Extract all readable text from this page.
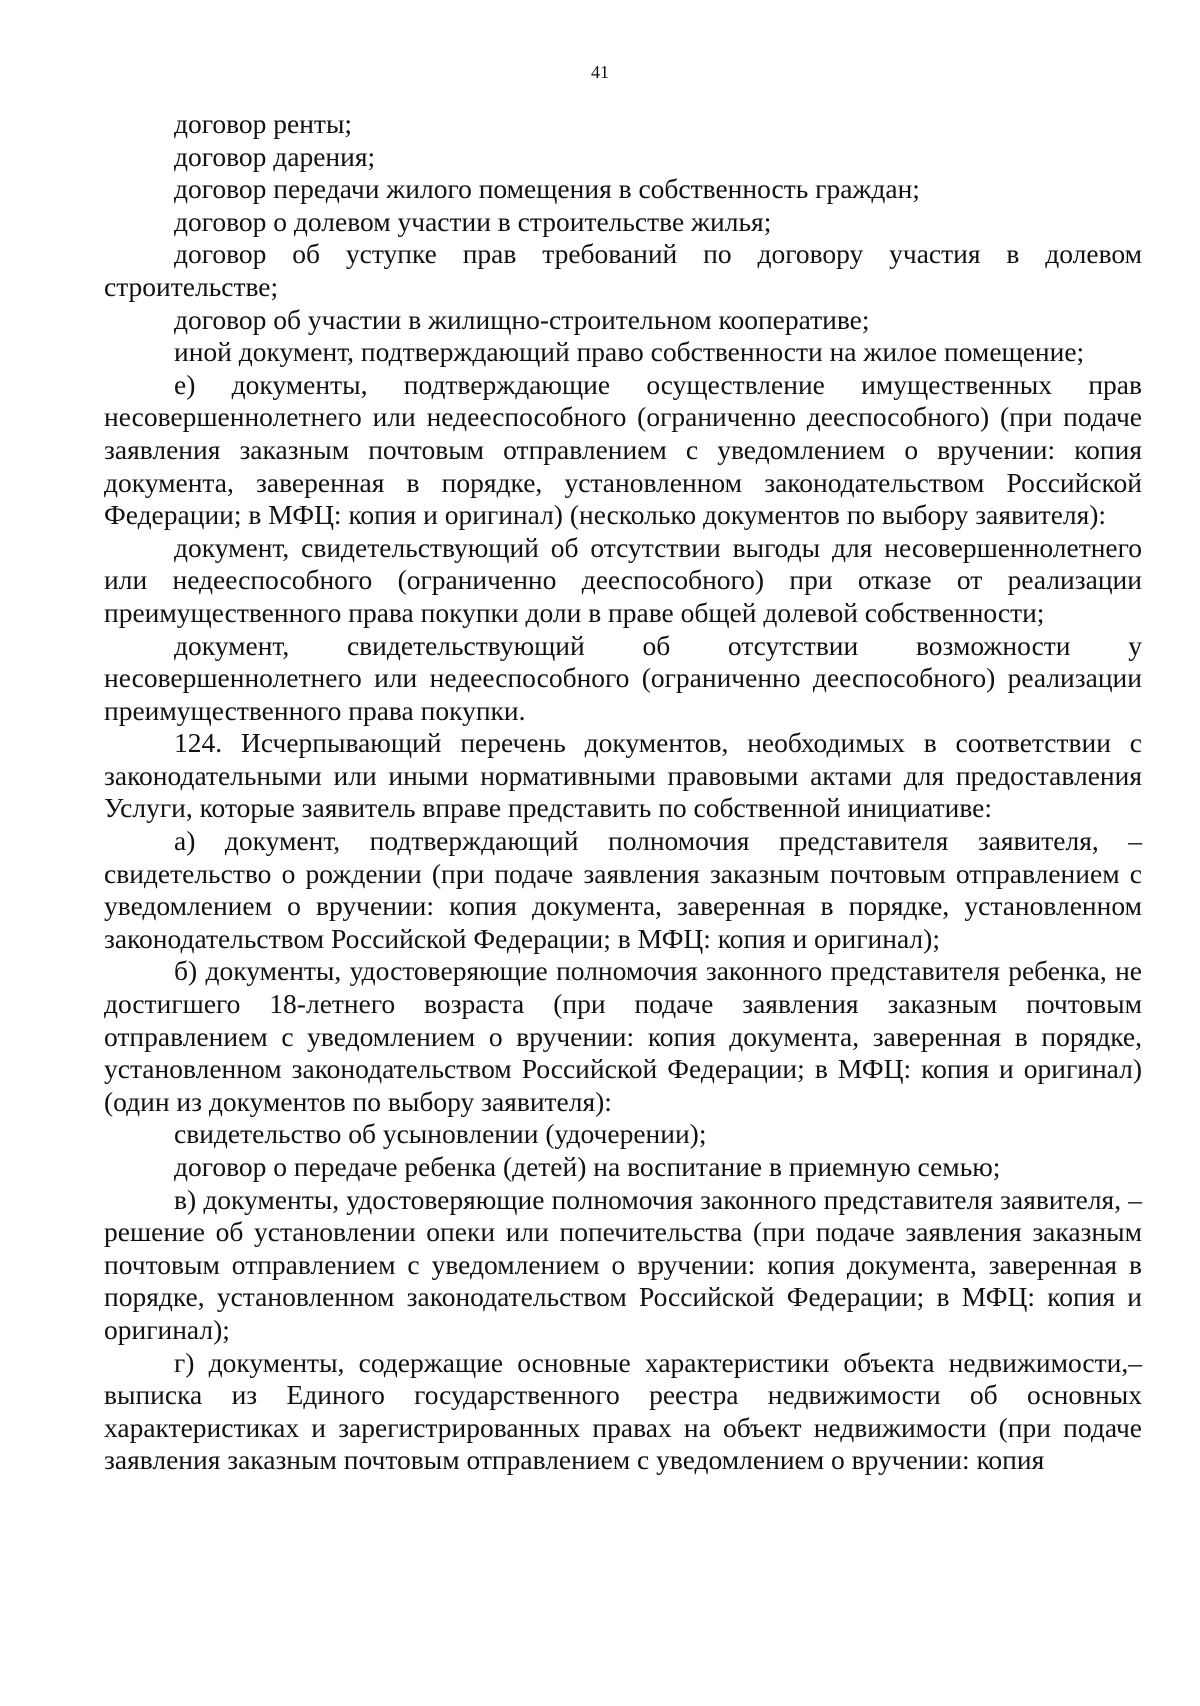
41

договор ренты;

договор дарения;

договор передачи жилого помещения в собственность граждан;

договор о долевом участии в строительстве жилья;

договор об уступке прав требований по договору участия в долевом строительстве;

договор об участии в жилищно-строительном кооперативе;

иной документ, подтверждающий право собственности на жилое помещение;

е) документы, подтверждающие осуществление имущественных прав несовершеннолетнего или недееспособного (ограниченно дееспособного) (при подаче заявления заказным почтовым отправлением с уведомлением о вручении: копия документа, заверенная в порядке, установленном законодательством Российской Федерации; в МФЦ: копия и оригинал) (несколько документов по выбору заявителя):

документ, свидетельствующий об отсутствии выгоды для несовершеннолетнего или недееспособного (ограниченно дееспособного) при отказе от реализации преимущественного права покупки доли в праве общей долевой собственности;

документ, свидетельствующий об отсутствии возможности у несовершеннолетнего или недееспособного (ограниченно дееспособного) реализации преимущественного права покупки.

124. Исчерпывающий перечень документов, необходимых в соответствии с законодательными или иными нормативными правовыми актами для предоставления Услуги, которые заявитель вправе представить по собственной инициативе:

а) документ, подтверждающий полномочия представителя заявителя, – свидетельство о рождении (при подаче заявления заказным почтовым отправлением с уведомлением о вручении: копия документа, заверенная в порядке, установленном законодательством Российской Федерации; в МФЦ: копия и оригинал);

б) документы, удостоверяющие полномочия законного представителя ребенка, не достигшего 18-летнего возраста (при подаче заявления заказным почтовым отправлением с уведомлением о вручении: копия документа, заверенная в порядке, установленном законодательством Российской Федерации; в МФЦ: копия и оригинал) (один из документов по выбору заявителя):

свидетельство об усыновлении (удочерении);

договор о передаче ребенка (детей) на воспитание в приемную семью;

в) документы, удостоверяющие полномочия законного представителя заявителя, – решение об установлении опеки или попечительства (при подаче заявления заказным почтовым отправлением с уведомлением о вручении: копия документа, заверенная в порядке, установленном законодательством Российской Федерации; в МФЦ: копия и оригинал);

г) документы, содержащие основные характеристики объекта недвижимости,– выписка из Единого государственного реестра недвижимости об основных характеристиках и зарегистрированных правах на объект недвижимости (при подаче заявления заказным почтовым отправлением с уведомлением о вручении: копия
